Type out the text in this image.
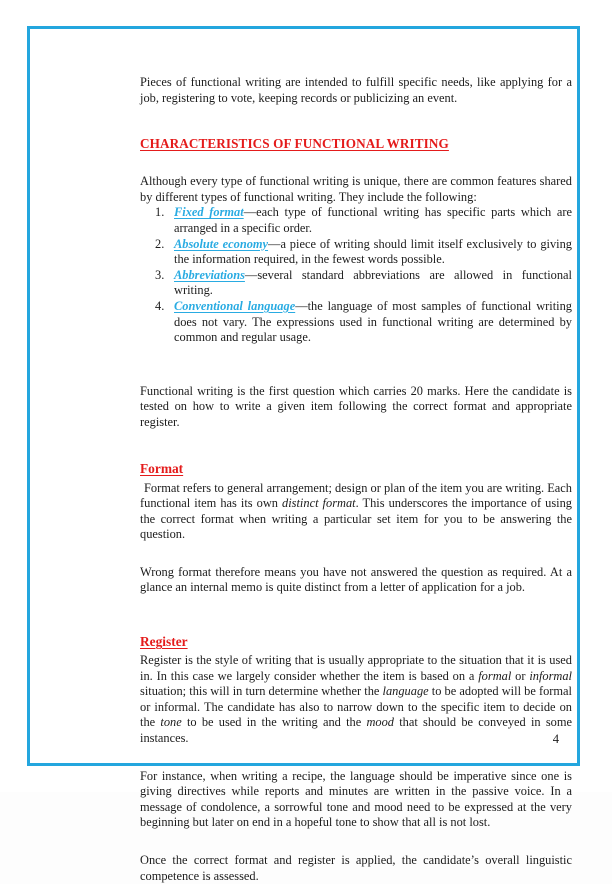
Pieces of functional writing are intended to fulfill specific needs, like applying for a job, registering to vote, keeping records or publicizing an event.

CHARACTERISTICS OF FUNCTIONAL WRITING

Although every type of functional writing is unique, there are common features shared by different types of functional writing. They include the following:

1. Fixed format—each type of functional writing has specific parts which are arranged in a specific order.
2. Absolute economy—a piece of writing should limit itself exclusively to giving the information required, in the fewest words possible.
3. Abbreviations—several standard abbreviations are allowed in functional writing.
4. Conventional language—the language of most samples of functional writing does not vary. The expressions used in functional writing are determined by common and regular usage.

Functional writing is the first question which carries 20 marks. Here the candidate is tested on how to write a given item following the correct format and appropriate register.

Format

Format refers to general arrangement; design or plan of the item you are writing. Each functional item has its own distinct format. This underscores the importance of using the correct format when writing a particular set item for you to be answering the question.

Wrong format therefore means you have not answered the question as required. At a glance an internal memo is quite distinct from a letter of application for a job.

Register

Register is the style of writing that is usually appropriate to the situation that it is used in. In this case we largely consider whether the item is based on a formal or informal situation; this will in turn determine whether the language to be adopted will be formal or informal. The candidate has also to narrow down to the specific item to decide on the tone to be used in the writing and the mood that should be conveyed in some instances.

For instance, when writing a recipe, the language should be imperative since one is giving directives while reports and minutes are written in the passive voice. In a message of condolence, a sorrowful tone and mood need to be expressed at the very beginning but later on end in a hopeful tone to show that all is not lost.

Once the correct format and register is applied, the candidate’s overall linguistic competence is assessed.

4
